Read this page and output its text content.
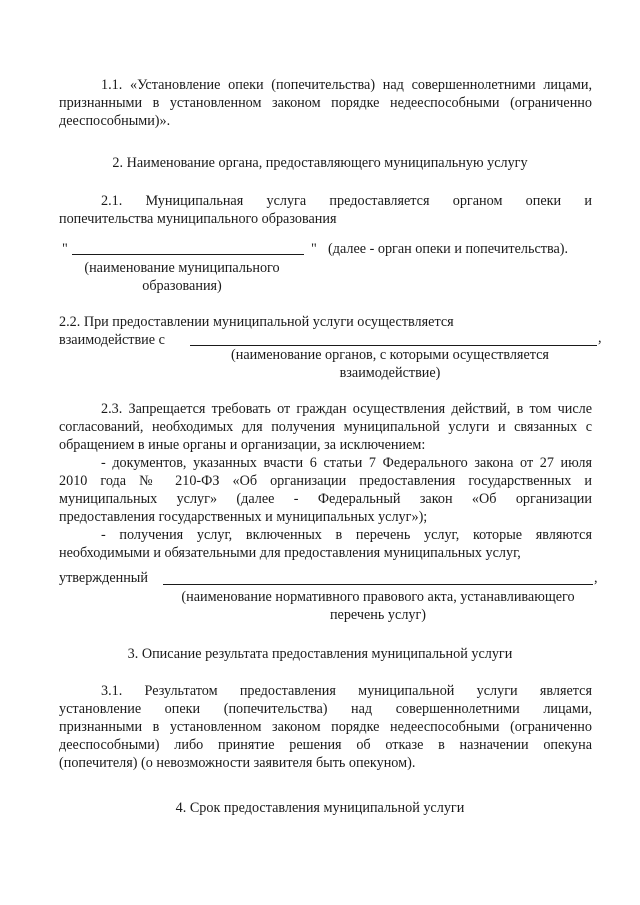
1.1. «Установление опеки (попечительства) над совершеннолетними лицами,
признанными в установленном законом порядке недееспособными (ограниченно
дееспособными)».
2. Наименование органа, предоставляющего муниципальную услугу
2.1. Муниципальная услуга предоставляется органом опеки и
попечительства муниципального образования
"	" (далее - орган опеки и попечительства).
(наименование муниципального
образования)
2.2. При предоставлении муниципальной услуги осуществляется
взаимодействие с	,
(наименование органов, с которыми осуществляется
взаимодействие)
2.3. Запрещается требовать от граждан осуществления действий, в том числе
согласований, необходимых для получения муниципальной услуги и связанных с
обращением в иные органы и организации, за исключением:
- документов, указанных вчасти 6 статьи 7 Федерального закона от 27 июля
2010 года № 210-ФЗ «Об организации предоставления государственных и
муниципальных услуг» (далее - Федеральный закон «Об организации
предоставления государственных и муниципальных услуг»);
- получения услуг, включенных в перечень услуг, которые являются
необходимыми и обязательными для предоставления муниципальных услуг,
утвержденный	,
(наименование нормативного правового акта, устанавливающего
перечень услуг)
3. Описание результата предоставления муниципальной услуги
3.1. Результатом предоставления муниципальной услуги является
установление опеки (попечительства) над совершеннолетними лицами,
признанными в установленном законом порядке недееспособными (ограниченно
дееспособными) либо принятие решения об отказе в назначении опекуна
(попечителя) (о невозможности заявителя быть опекуном).
4. Срок предоставления муниципальной услуги
